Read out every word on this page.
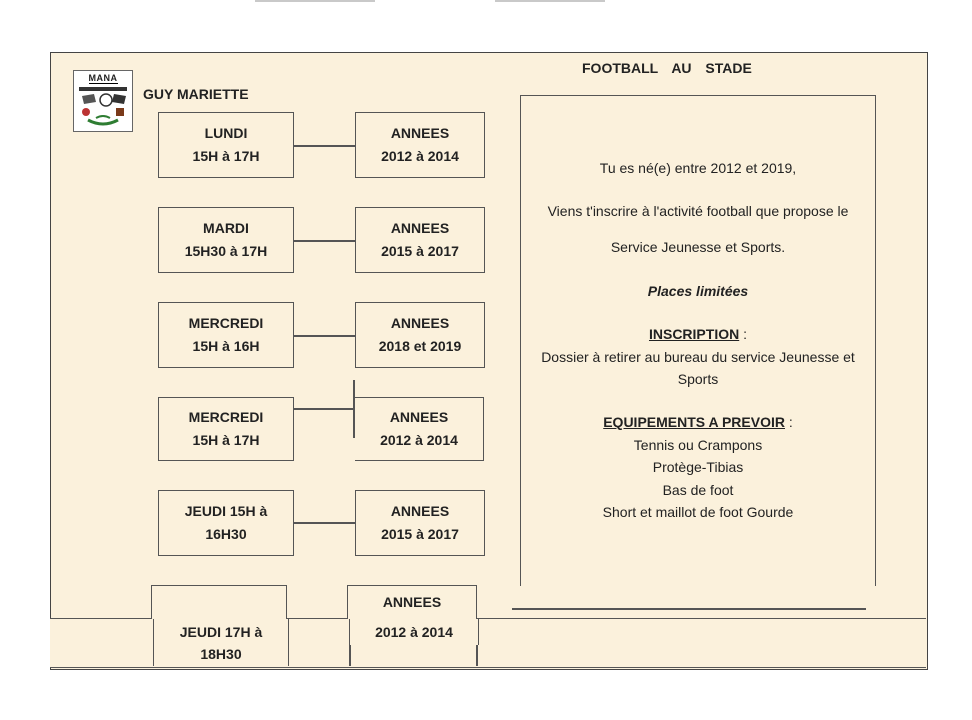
MANA
GUY MARIETTE
FOOTBALL AU STADE
LUNDI
15H à 17H
ANNEES
2012 à 2014
MARDI
15H30 à 17H
ANNEES
2015 à 2017
MERCREDI
15H à 16H
ANNEES
2018 et 2019
MERCREDI
15H à 17H
ANNEES
2012 à 2014
JEUDI 15H à
16H30
ANNEES
2015 à 2017
ANNEES
JEUDI 17H à
18H30
2012 à 2014
Tu es né(e) entre 2012 et 2019,
Viens t'inscrire à l'activité football que propose le
Service Jeunesse et Sports.
Places limitées
INSCRIPTION :
Dossier à retirer au bureau du service Jeunesse et
Sports
EQUIPEMENTS A PREVOIR :
Tennis ou Crampons
Protège-Tibias
Bas de foot
Short et maillot de foot Gourde
